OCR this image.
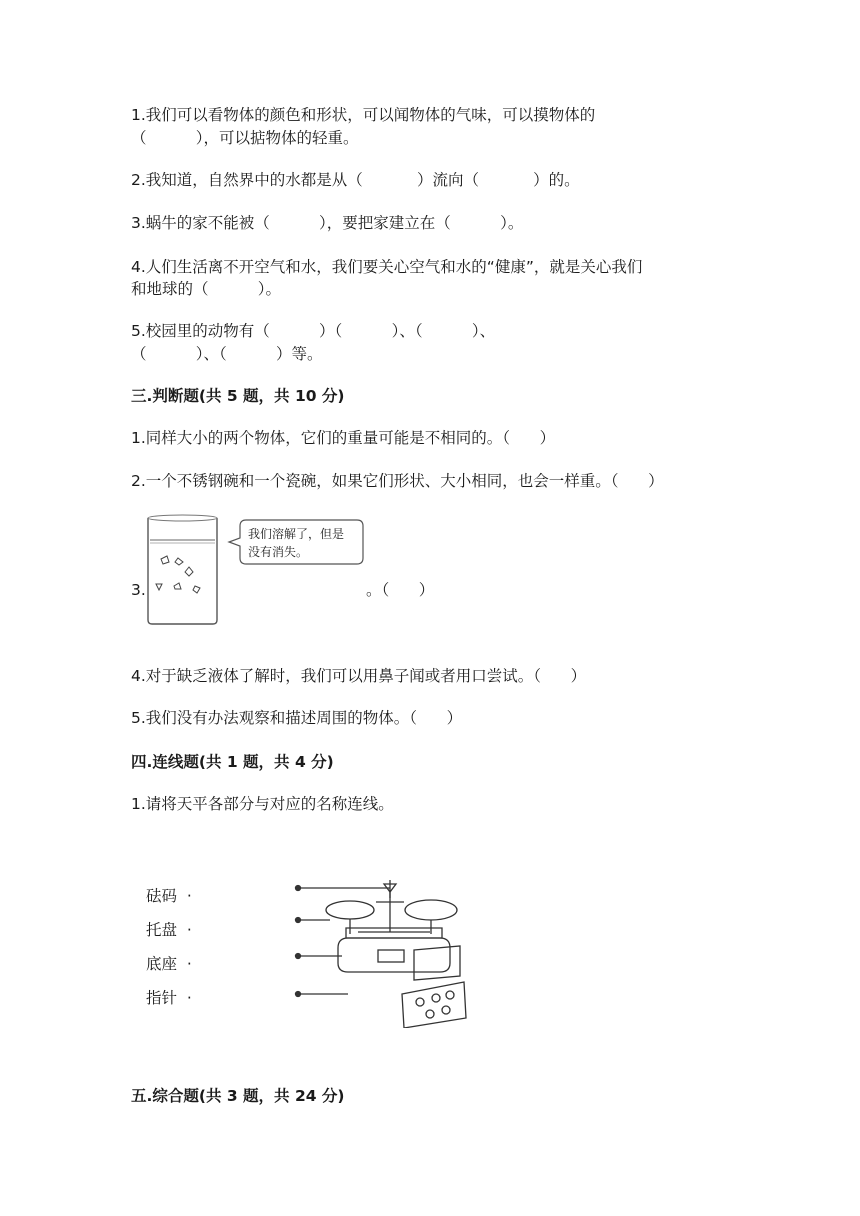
1.我们可以看物体的颜色和形状，可以闻物体的气味，可以摸物体的
（          ），可以掂物体的轻重。
2.我知道，自然界中的水都是从（           ）流向（           ）的。
3.蜗牛的家不能被（          ），要把家建立在（          ）。
4.人们生活离不开空气和水，我们要关心空气和水的“健康”，就是关心我们
和地球的（          ）。
5.校园里的动物有（          ）（          ）、（          ）、
（          ）、（          ）等。
三.判断题(共 5 题，共 10 分)
1.同样大小的两个物体，它们的重量可能是不相同的。（      ）
2.一个不锈钢碗和一个瓷碗，如果它们形状、大小相同，也会一样重。（      ）
3.
我们溶解了，但是
没有消失。
。（      ）
4.对于缺乏液体了解时，我们可以用鼻子闻或者用口尝试。（      ）
5.我们没有办法观察和描述周围的物体。（      ）
四.连线题(共 1 题，共 4 分)
1.请将天平各部分与对应的名称连线。
砝码  ·
托盘  ·
底座  ·
指针  ·
五.综合题(共 3 题，共 24 分)
